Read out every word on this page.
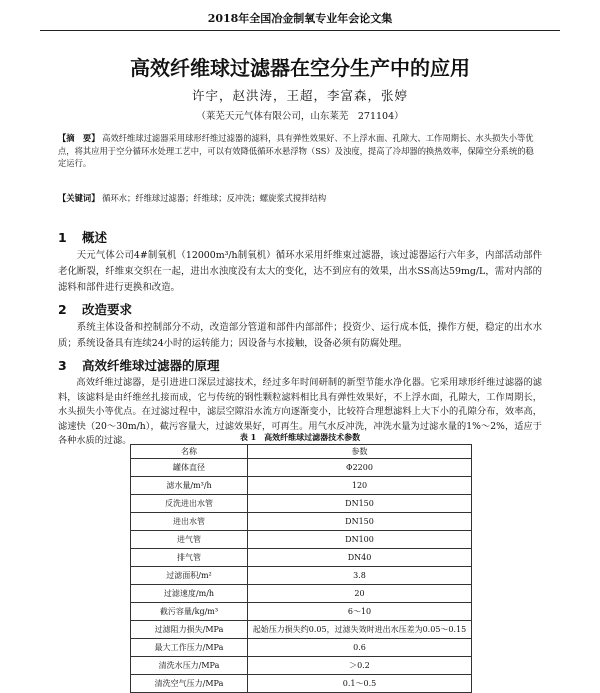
2018年全国冶金制氧专业年会论文集
高效纤维球过滤器在空分生产中的应用
许宇，赵洪涛，王超，李富森，张婷
（莱芜天元气体有限公司，山东莱芜　271104）
【摘　要】 高效纤维球过滤器采用球形纤维过滤器的滤料，具有弹性效果好、不上浮水面、孔隙大、工作周期长、水头损失小等优点，将其应用于空分循环水处理工艺中，可以有效降低循环水悬浮物（SS）及浊度，提高了冷却器的换热效率，保障空分系统的稳定运行。
【关键词】 循环水；纤维球过滤器；纤维球；反冲洗；螺旋浆式搅拌结构
1 概述
天元气体公司4#制氧机（12000m³/h制氧机）循环水采用纤维束过滤器，该过滤器运行六年多，内部活动部件老化断裂，纤维束交织在一起，进出水浊度没有太大的变化，达不到应有的效果，出水SS高达59mg/L，需对内部的滤料和部件进行更换和改造。
2 改造要求
系统主体设备和控制部分不动，改造部分管道和部件内部部件；投资少、运行成本低，操作方便，稳定的出水水质；系统设备具有连续24小时的运转能力；因设备与水接触，设备必须有防腐处理。
3 高效纤维球过滤器的原理
高效纤维过滤器，是引进进口深层过滤技术，经过多年时间研制的新型节能水净化器。它采用球形纤维过滤器的滤料，该滤料是由纤维丝扎接而成，它与传统的钢性颗粒滤料相比具有弹性效果好，不上浮水面，孔隙大，工作周期长，水头损失小等优点。在过滤过程中，滤层空隙沿水流方向逐渐变小，比较符合理想滤料上大下小的孔隙分布，效率高，滤速快（20～30m/h），截污容量大，过滤效果好，可再生。用气水反冲洗，冲洗水量为过滤水量的1%～2%，适应于各种水质的过滤。	表 1　高效纤维球过滤器技术参数
名称	参数
罐体直径	Φ2200
滤水量/m³/h	120
反洗进出水管	DN150
进出水管	DN150
进气管	DN100
排气管	DN40
过滤面积/m²	3.8
过滤速度/m/h	20
截污容量/kg/m³	6～10
过滤阻力损失/MPa	起始压力损失约0.05，过滤失效时进出水压差为0.05～0.15
最大工作压力/MPa	0.6
清洗水压力/MPa	＞0.2
清洗空气压力/MPa	0.1～0.5
